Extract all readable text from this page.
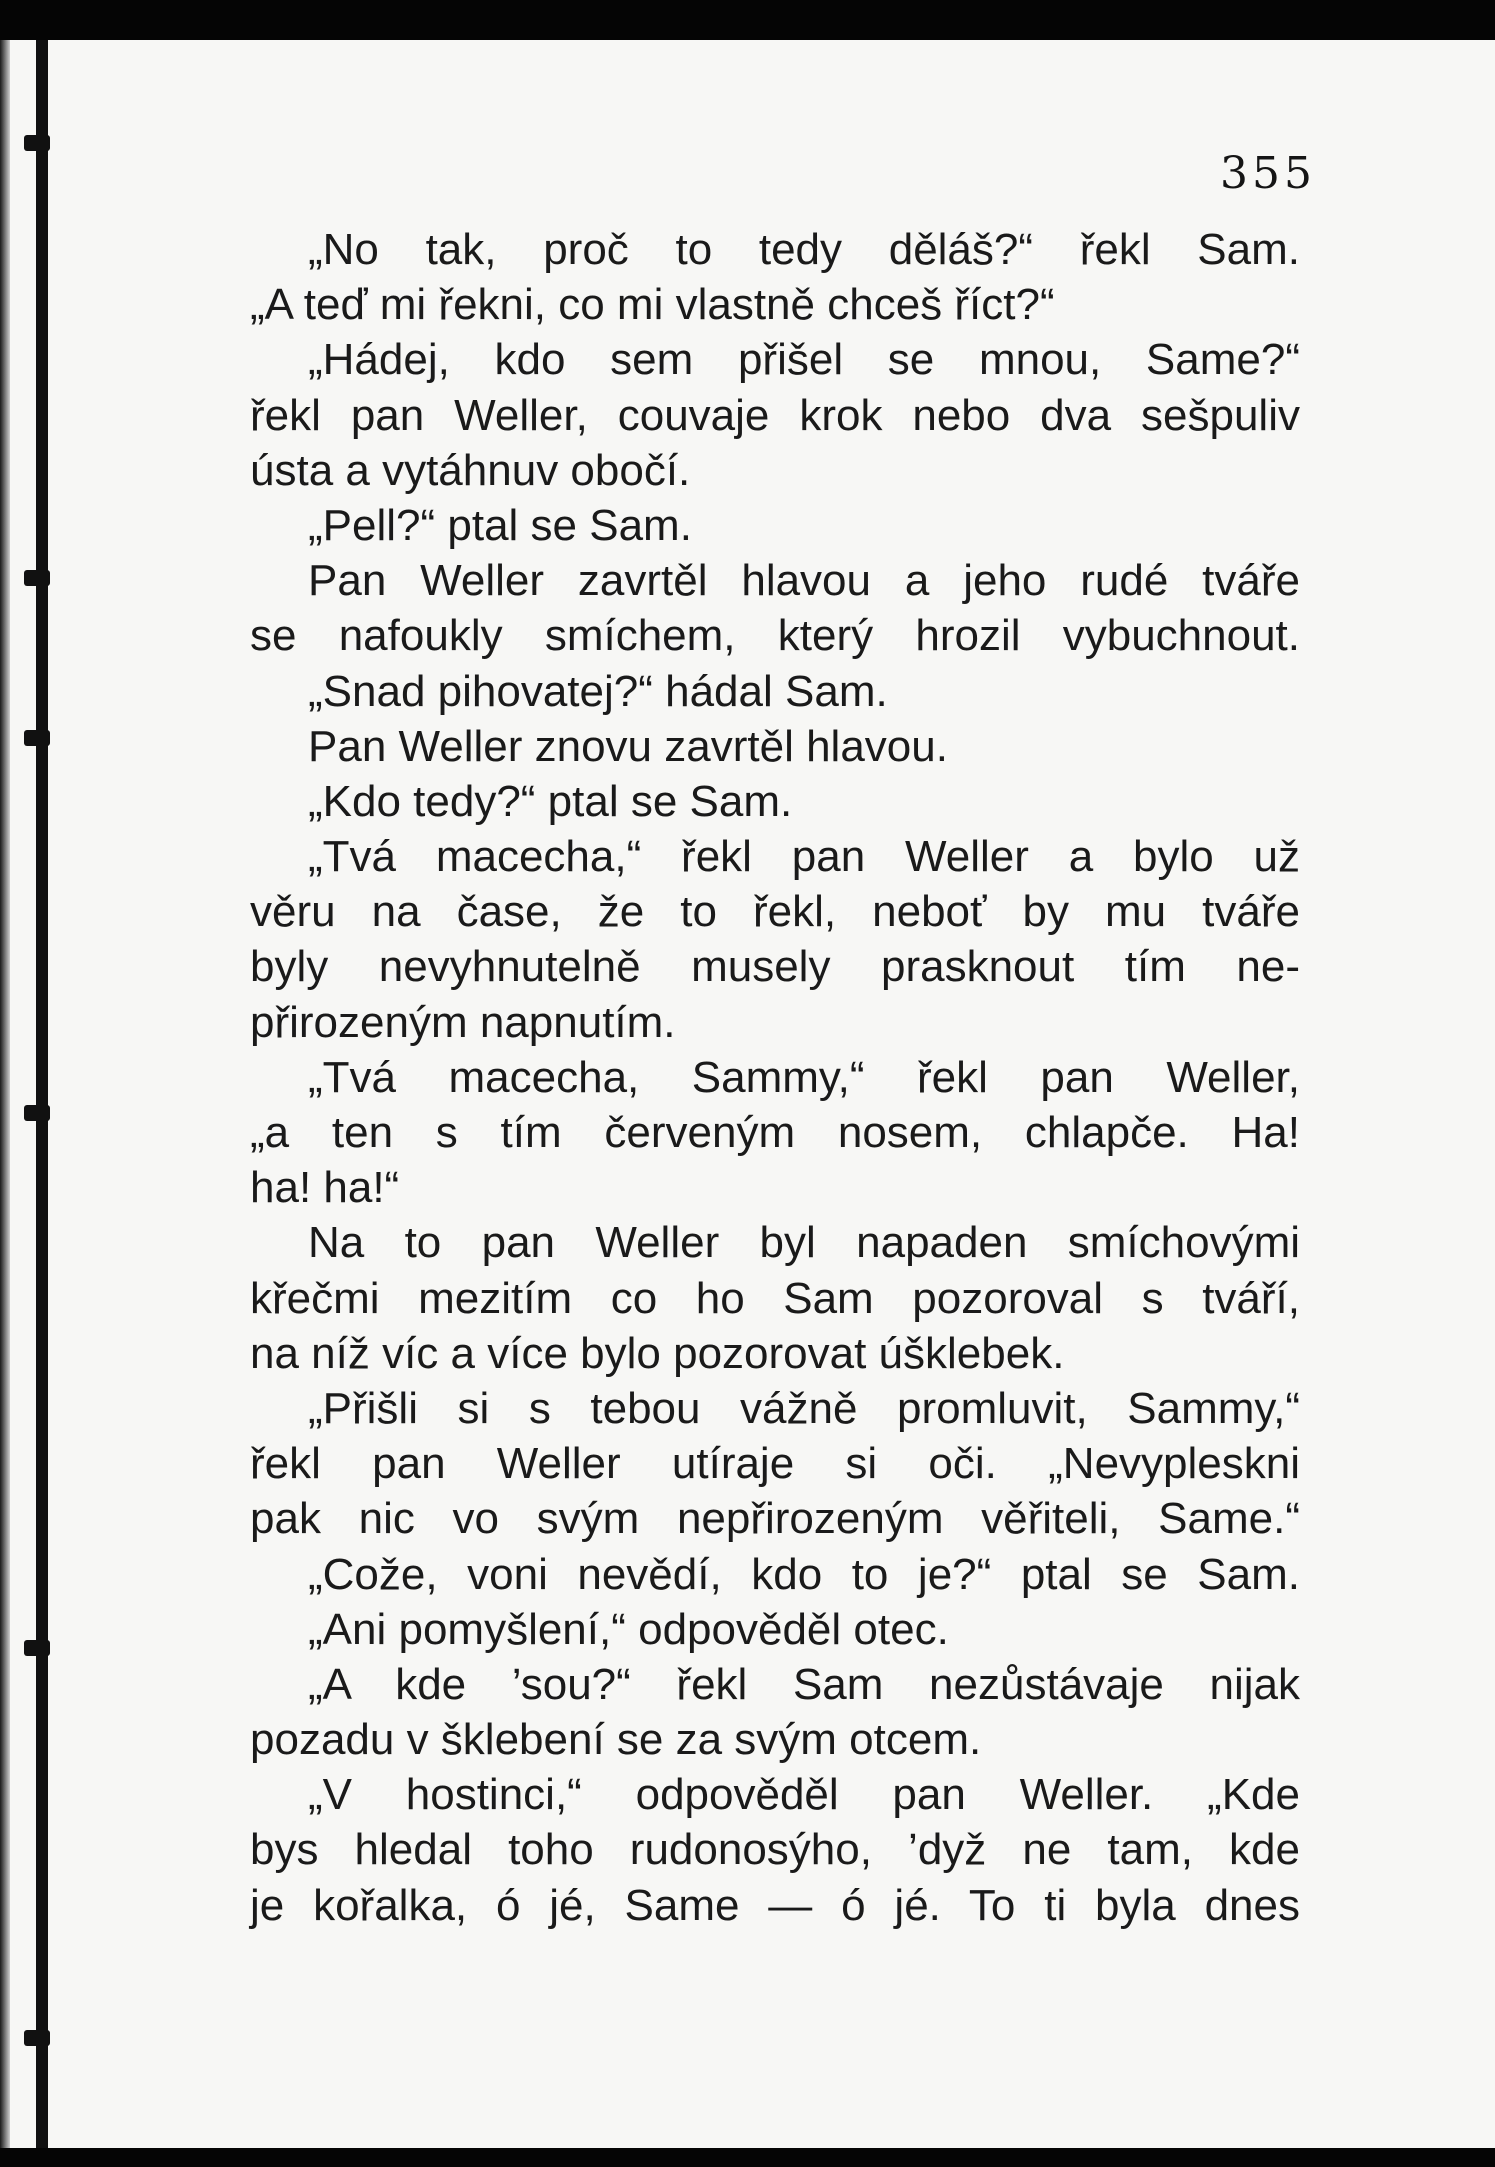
355
„No tak, proč to tedy děláš?“ řekl Sam.
„A teď mi řekni, co mi vlastně chceš říct?“
„Hádej, kdo sem přišel se mnou, Same?“
řekl pan Weller, couvaje krok nebo dva sešpuliv
ústa a vytáhnuv obočí.
„Pell?“ ptal se Sam.
Pan Weller zavrtěl hlavou a jeho rudé tváře
se nafoukly smíchem, který hrozil vybuchnout.
„Snad pihovatej?“ hádal Sam.
Pan Weller znovu zavrtěl hlavou.
„Kdo tedy?“ ptal se Sam.
„Tvá macecha,“ řekl pan Weller a bylo už
věru na čase, že to řekl, neboť by mu tváře
byly nevyhnutelně musely prasknout tím ne-
přirozeným napnutím.
„Tvá macecha, Sammy,“ řekl pan Weller,
„a ten s tím červeným nosem, chlapče. Ha!
ha! ha!“
Na to pan Weller byl napaden smíchovými
křečmi mezitím co ho Sam pozoroval s tváří,
na níž víc a více bylo pozorovat úšklebek.
„Přišli si s tebou vážně promluvit, Sammy,“
řekl pan Weller utíraje si oči. „Nevypleskni
pak nic vo svým nepřirozeným věřiteli, Same.“
„Cože, voni nevědí, kdo to je?“ ptal se Sam.
„Ani pomyšlení,“ odpověděl otec.
„A kde ’sou?“ řekl Sam nezůstávaje nijak
pozadu v šklebení se za svým otcem.
„V hostinci,“ odpověděl pan Weller. „Kde
bys hledal toho rudonosýho, ’dyž ne tam, kde
je kořalka, ó jé, Same — ó jé. To ti byla dnes
